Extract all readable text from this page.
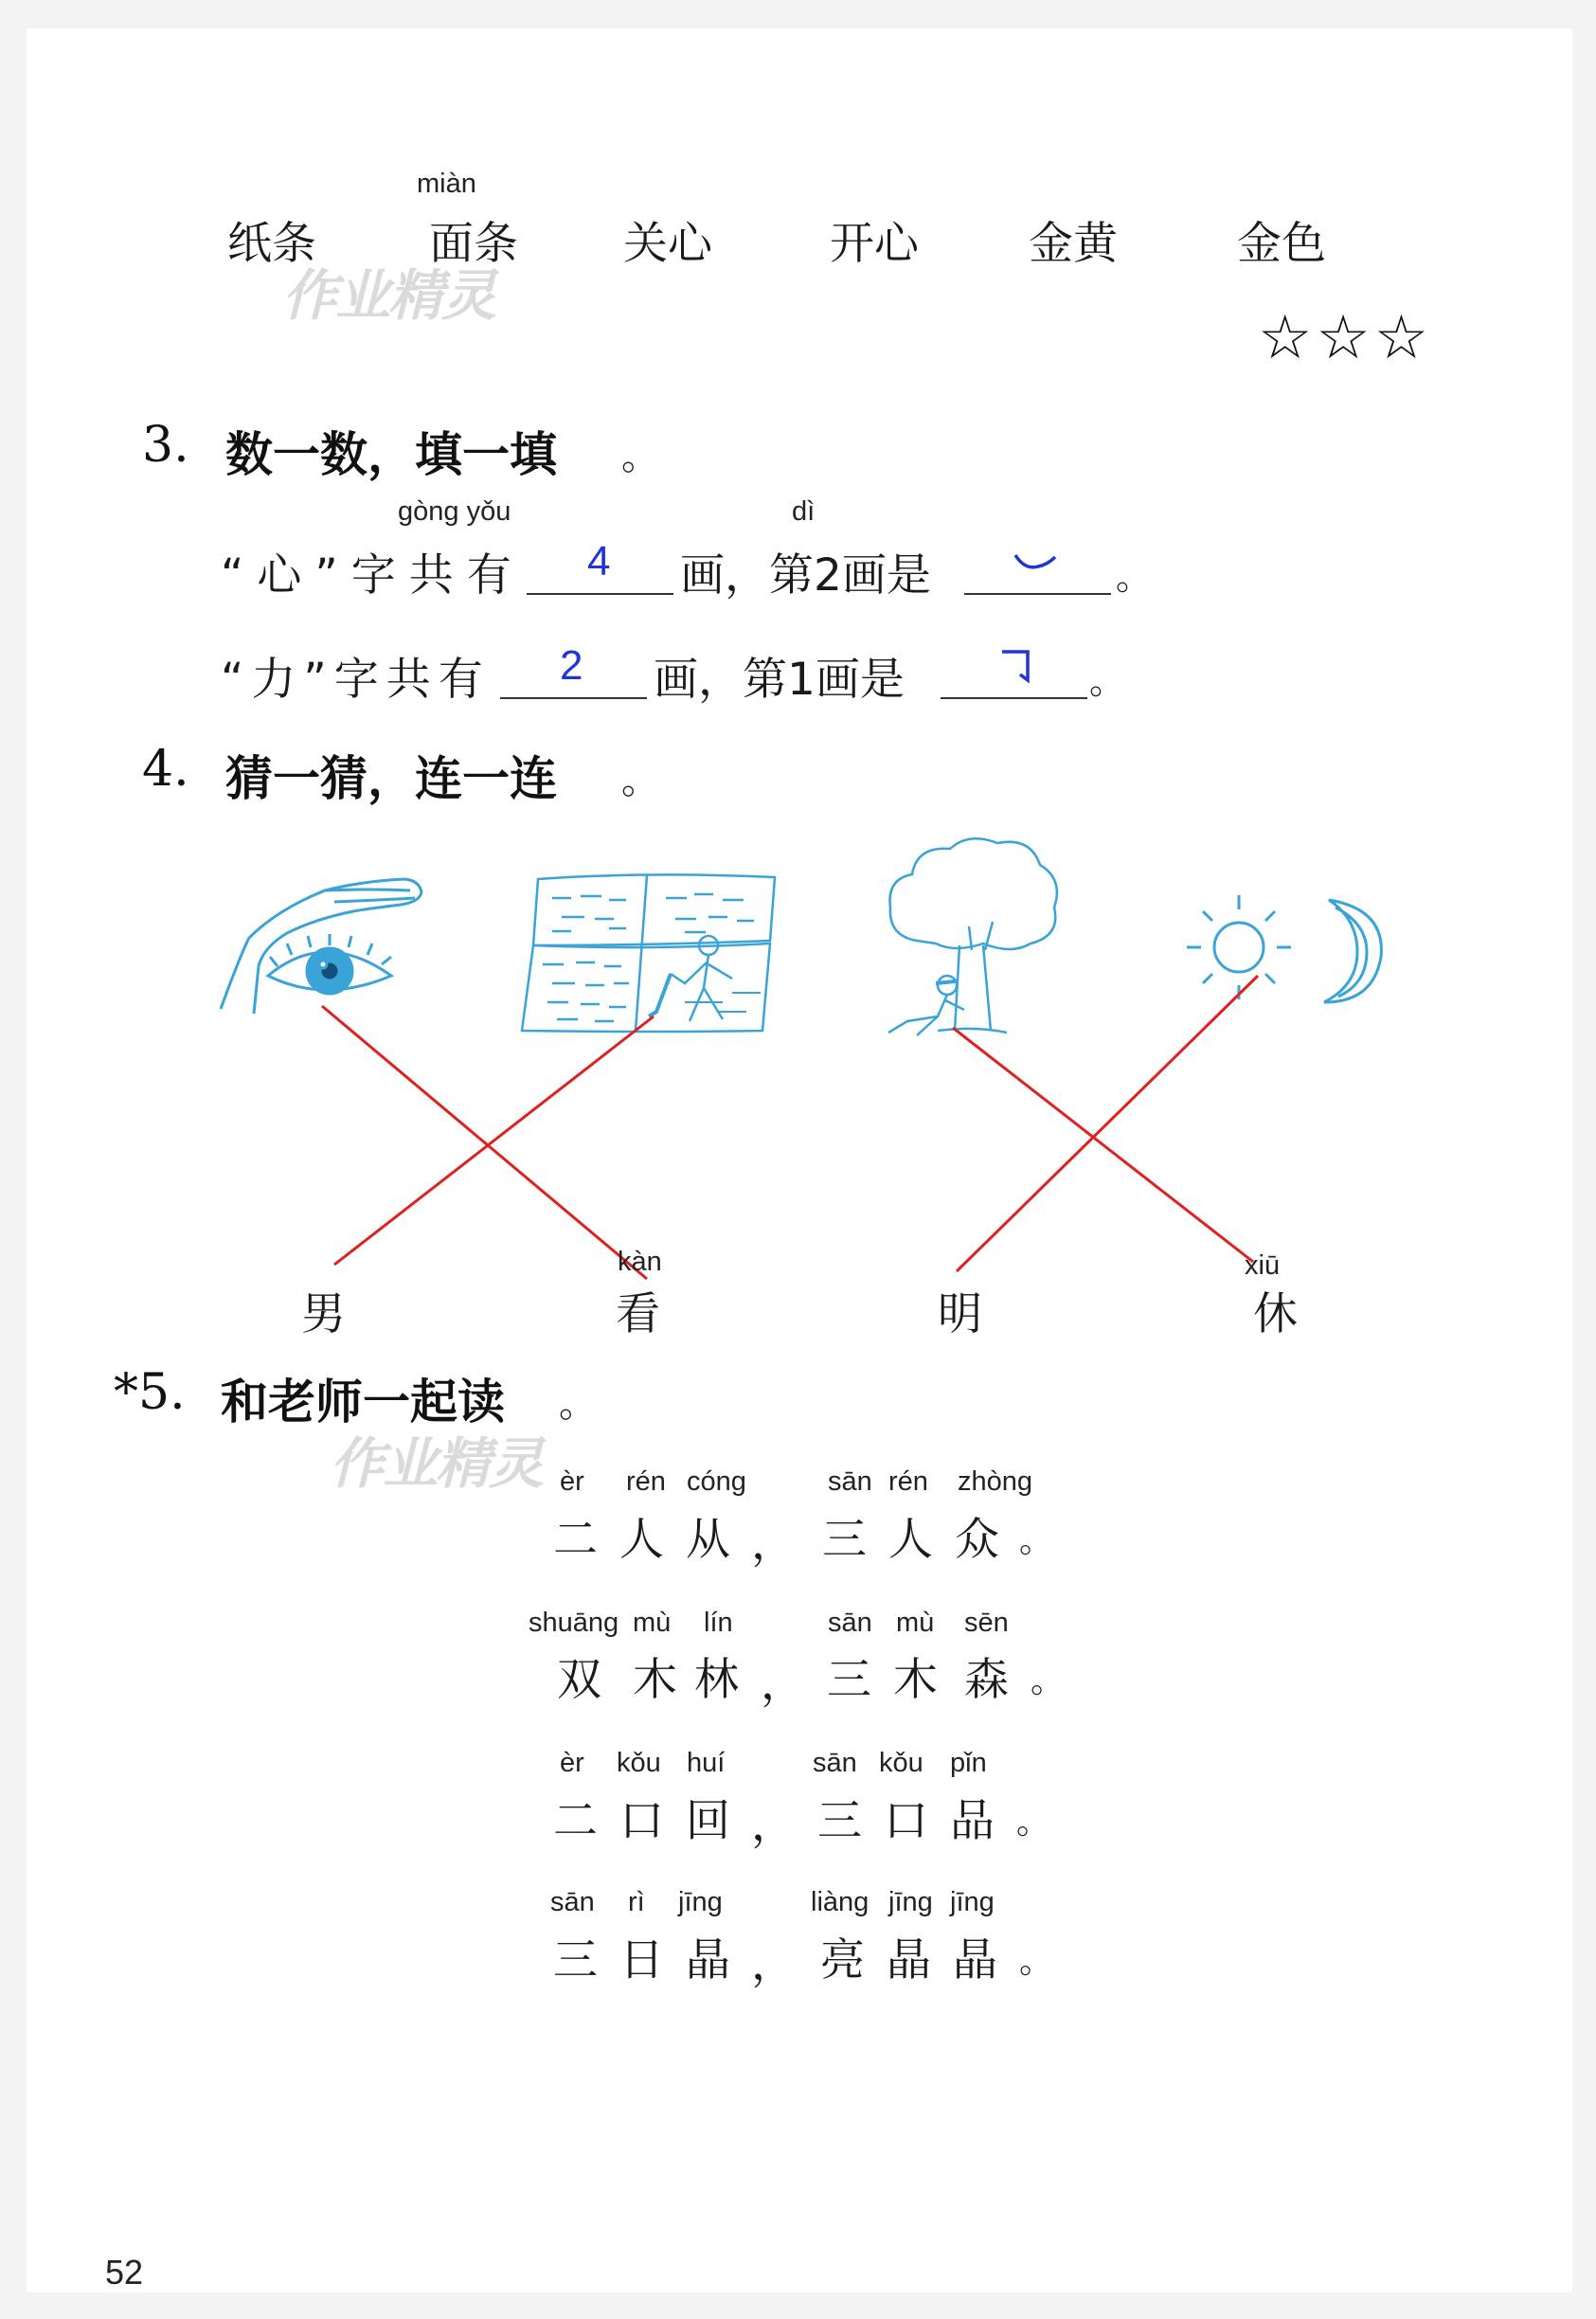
miàn
纸条	面条 关心	开心 金黄	金色
作业精灵
☆☆☆
3. 数一数，填一填 。
gòng yǒu	dì
“心”字共有 4 画，第2画是	。
“力”字共有 2 画，第1画是	。
4. 猜一猜，连一连 。
kàn	xiū
男	看	明	休
*5. 和老师一起读 。
作业精灵 èr rén cóng	sān rén zhòng
二 人 从 ， 三 人 众 。
shuāng mù lín	sān mù sēn
双 木 林 ， 三 木 森 。
èr kǒu huí	sān kǒu pǐn
二 口 回 ， 三 口 品 。
sān rì jīng	liàng jīng jīng
三 日 晶 ， 亮 晶 晶 。
52
